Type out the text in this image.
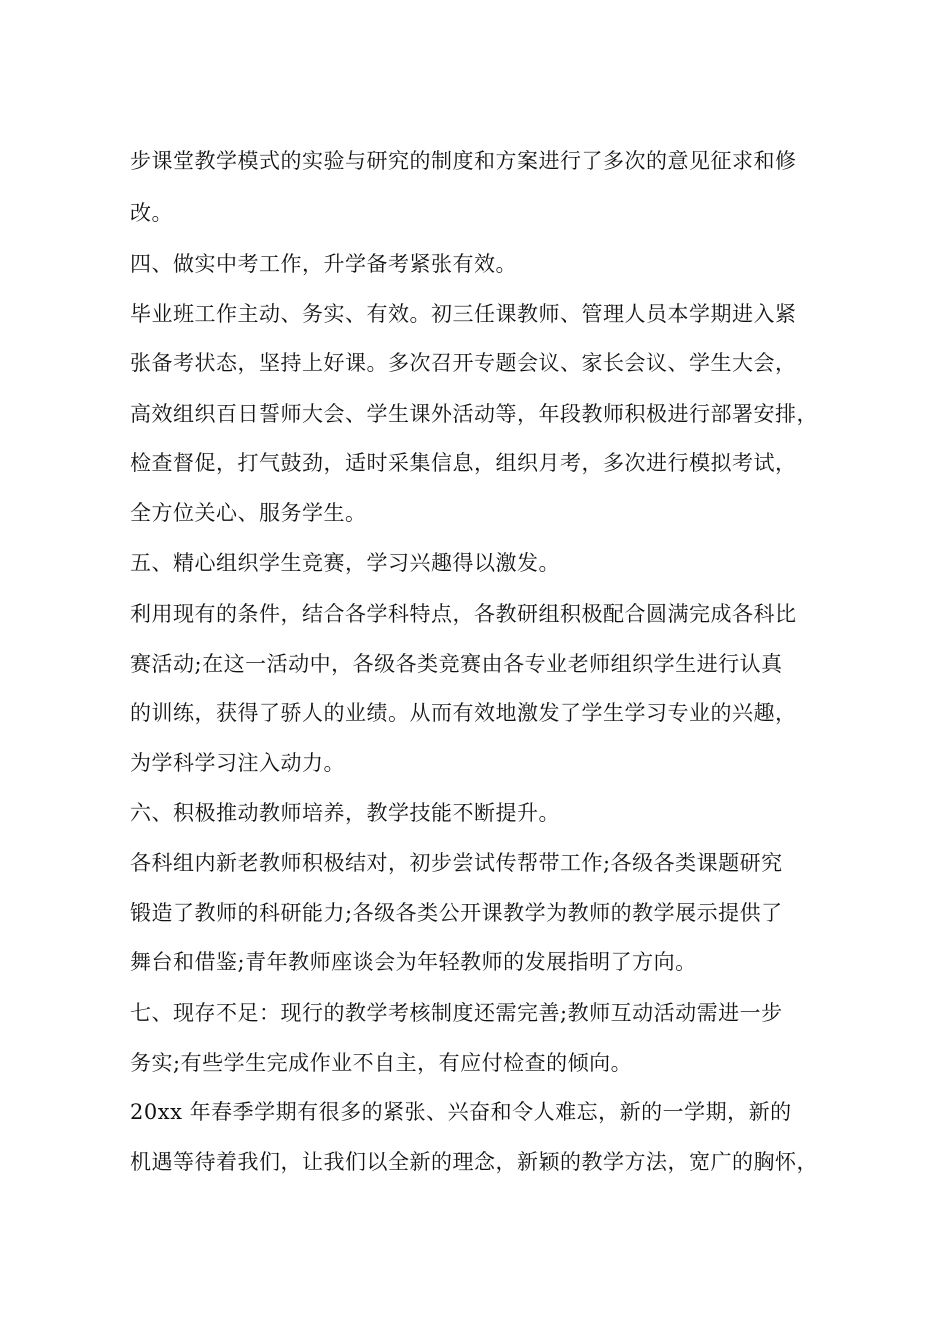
步课堂教学模式的实验与研究的制度和方案进行了多次的意见征求和修
改。
四、做实中考工作，升学备考紧张有效。
毕业班工作主动、务实、有效。初三任课教师、管理人员本学期进入紧
张备考状态，坚持上好课。多次召开专题会议、家长会议、学生大会，
高效组织百日誓师大会、学生课外活动等，年段教师积极进行部署安排，
检查督促，打气鼓劲，适时采集信息，组织月考，多次进行模拟考试，
全方位关心、服务学生。
五、精心组织学生竞赛，学习兴趣得以激发。
利用现有的条件，结合各学科特点，各教研组积极配合圆满完成各科比
赛活动;在这一活动中，各级各类竞赛由各专业老师组织学生进行认真
的训练，获得了骄人的业绩。从而有效地激发了学生学习专业的兴趣，
为学科学习注入动力。
六、积极推动教师培养，教学技能不断提升。
各科组内新老教师积极结对，初步尝试传帮带工作;各级各类课题研究
锻造了教师的科研能力;各级各类公开课教学为教师的教学展示提供了
舞台和借鉴;青年教师座谈会为年轻教师的发展指明了方向。
七、现存不足：现行的教学考核制度还需完善;教师互动活动需进一步
务实;有些学生完成作业不自主，有应付检查的倾向。
20xx 年春季学期有很多的紧张、兴奋和令人难忘，新的一学期，新的
机遇等待着我们，让我们以全新的理念，新颖的教学方法，宽广的胸怀，
